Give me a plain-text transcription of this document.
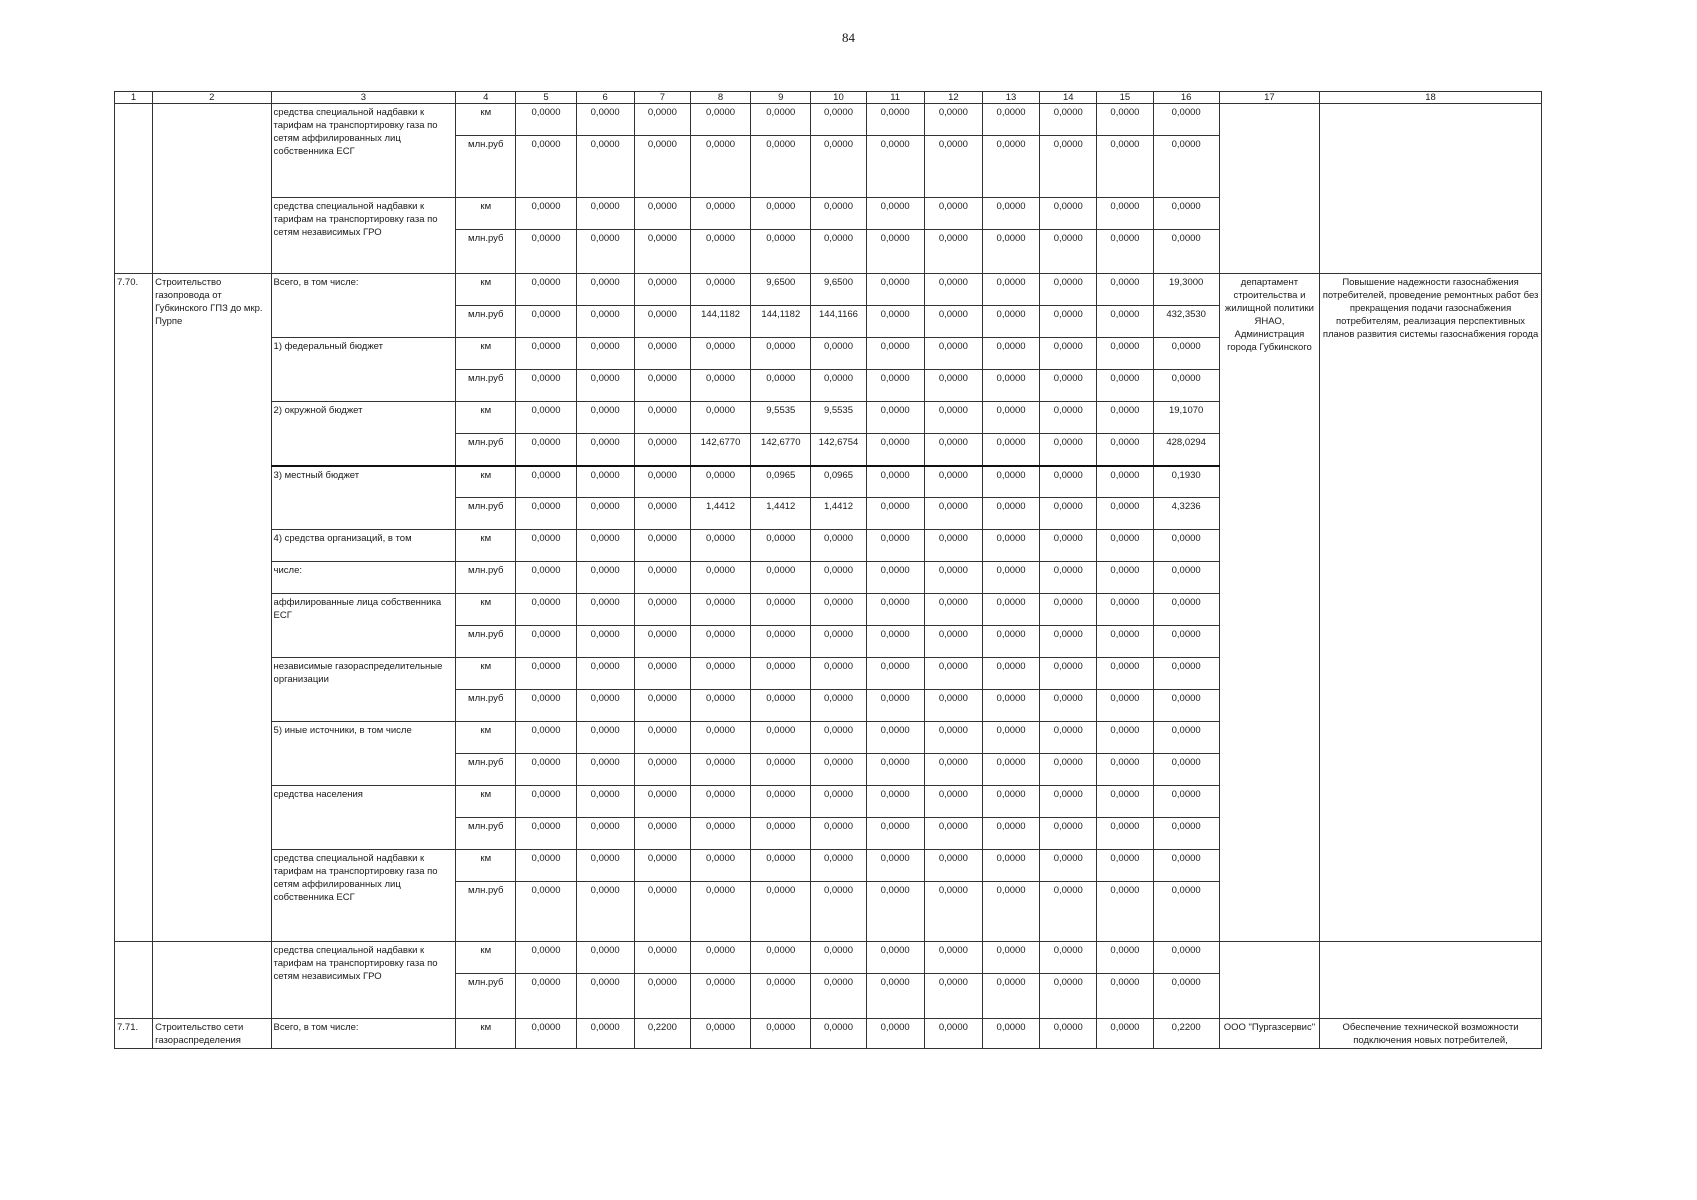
84
1	2	3	4	5	6	7	8	9	10	11	12	13	14	15	16	17	18
		средства специальной надбавки к тарифам на транспортировку газа по сетям аффилированных лиц собственника ЕСГ	км	0,0000	0,0000	0,0000	0,0000	0,0000	0,0000	0,0000	0,0000	0,0000	0,0000	0,0000	0,0000		
			млн.руб	0,0000	0,0000	0,0000	0,0000	0,0000	0,0000	0,0000	0,0000	0,0000	0,0000	0,0000	0,0000		
		средства специальной надбавки к тарифам на транспортировку газа по сетям независимых ГРО	км	0,0000	0,0000	0,0000	0,0000	0,0000	0,0000	0,0000	0,0000	0,0000	0,0000	0,0000	0,0000		
			млн.руб	0,0000	0,0000	0,0000	0,0000	0,0000	0,0000	0,0000	0,0000	0,0000	0,0000	0,0000	0,0000		
7.70.	Строительство газопровода от Губкинского ГПЗ до мкр. Пурпе	Всего, в том числе:	км	0,0000	0,0000	0,0000	0,0000	9,6500	9,6500	0,0000	0,0000	0,0000	0,0000	0,0000	19,3000	департамент строительства и жилищной политики ЯНАО, Администрация города Губкинского	Повышение надежности газоснабжения потребителей, проведение ремонтных работ без прекращения подачи газоснабжения потребителям, реализация перспективных планов развития системы газоснабжения города
			млн.руб	0,0000	0,0000	0,0000	144,1182	144,1182	144,1166	0,0000	0,0000	0,0000	0,0000	0,0000	432,3530		
		1) федеральный бюджет	км	0,0000	0,0000	0,0000	0,0000	0,0000	0,0000	0,0000	0,0000	0,0000	0,0000	0,0000	0,0000		
			млн.руб	0,0000	0,0000	0,0000	0,0000	0,0000	0,0000	0,0000	0,0000	0,0000	0,0000	0,0000	0,0000		
		2) окружной бюджет	км	0,0000	0,0000	0,0000	0,0000	9,5535	9,5535	0,0000	0,0000	0,0000	0,0000	0,0000	19,1070		
			млн.руб	0,0000	0,0000	0,0000	142,6770	142,6770	142,6754	0,0000	0,0000	0,0000	0,0000	0,0000	428,0294		
		3) местный бюджет	км	0,0000	0,0000	0,0000	0,0000	0,0965	0,0965	0,0000	0,0000	0,0000	0,0000	0,0000	0,1930		
			млн.руб	0,0000	0,0000	0,0000	1,4412	1,4412	1,4412	0,0000	0,0000	0,0000	0,0000	0,0000	4,3236		
		4) средства организаций, в том	км	0,0000	0,0000	0,0000	0,0000	0,0000	0,0000	0,0000	0,0000	0,0000	0,0000	0,0000	0,0000		
		числе:	млн.руб	0,0000	0,0000	0,0000	0,0000	0,0000	0,0000	0,0000	0,0000	0,0000	0,0000	0,0000	0,0000		
		аффилированные лица собственника ЕСГ	км	0,0000	0,0000	0,0000	0,0000	0,0000	0,0000	0,0000	0,0000	0,0000	0,0000	0,0000	0,0000		
			млн.руб	0,0000	0,0000	0,0000	0,0000	0,0000	0,0000	0,0000	0,0000	0,0000	0,0000	0,0000	0,0000		
		независимые газораспределительные организации	км	0,0000	0,0000	0,0000	0,0000	0,0000	0,0000	0,0000	0,0000	0,0000	0,0000	0,0000	0,0000		
			млн.руб	0,0000	0,0000	0,0000	0,0000	0,0000	0,0000	0,0000	0,0000	0,0000	0,0000	0,0000	0,0000		
		5) иные источники, в том числе	км	0,0000	0,0000	0,0000	0,0000	0,0000	0,0000	0,0000	0,0000	0,0000	0,0000	0,0000	0,0000		
			млн.руб	0,0000	0,0000	0,0000	0,0000	0,0000	0,0000	0,0000	0,0000	0,0000	0,0000	0,0000	0,0000		
		средства населения	км	0,0000	0,0000	0,0000	0,0000	0,0000	0,0000	0,0000	0,0000	0,0000	0,0000	0,0000	0,0000		
			млн.руб	0,0000	0,0000	0,0000	0,0000	0,0000	0,0000	0,0000	0,0000	0,0000	0,0000	0,0000	0,0000		
		средства специальной надбавки к тарифам на транспортировку газа по сетям аффилированных лиц собственника ЕСГ	км	0,0000	0,0000	0,0000	0,0000	0,0000	0,0000	0,0000	0,0000	0,0000	0,0000	0,0000	0,0000		
			млн.руб	0,0000	0,0000	0,0000	0,0000	0,0000	0,0000	0,0000	0,0000	0,0000	0,0000	0,0000	0,0000		
		средства специальной надбавки к тарифам на транспортировку газа по сетям независимых ГРО	км	0,0000	0,0000	0,0000	0,0000	0,0000	0,0000	0,0000	0,0000	0,0000	0,0000	0,0000	0,0000		
			млн.руб	0,0000	0,0000	0,0000	0,0000	0,0000	0,0000	0,0000	0,0000	0,0000	0,0000	0,0000	0,0000		
7.71.	Строительство сети газораспределения	Всего, в том числе:	км	0,0000	0,0000	0,2200	0,0000	0,0000	0,0000	0,0000	0,0000	0,0000	0,0000	0,0000	0,2200	ООО "Пургазсервис"	Обеспечение технической возможности подключения новых потребителей,
